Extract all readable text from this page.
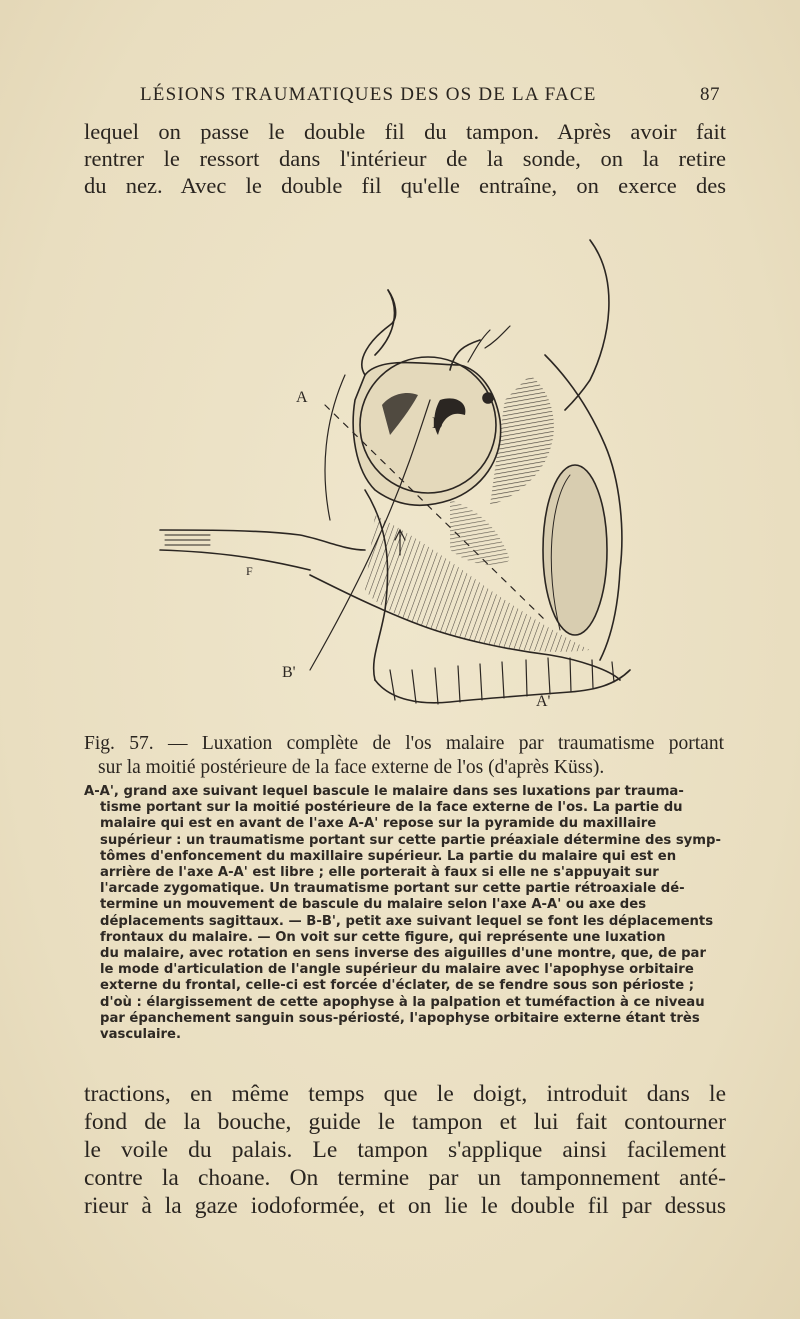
LÉSIONS TRAUMATIQUES DES OS DE LA FACE	87
lequel on passe le double fil du tampon. Après avoir fait
rentrer le ressort dans l'intérieur de la sonde, on la retire
du nez. Avec le double fil qu'elle entraîne, on exerce des
A
A'
B
B'
F
Fig. 57. — Luxation complète de l'os malaire par traumatisme portant
sur la moitié postérieure de la face externe de l'os (d'après Küss).
A-A', grand axe suivant lequel bascule le malaire dans ses luxations par trauma-
tisme portant sur la moitié postérieure de la face externe de l'os. La partie du
malaire qui est en avant de l'axe A-A' repose sur la pyramide du maxillaire
supérieur : un traumatisme portant sur cette partie préaxiale détermine des symp-
tômes d'enfoncement du maxillaire supérieur. La partie du malaire qui est en
arrière de l'axe A-A' est libre ; elle porterait à faux si elle ne s'appuyait sur
l'arcade zygomatique. Un traumatisme portant sur cette partie rétroaxiale dé-
termine un mouvement de bascule du malaire selon l'axe A-A' ou axe des
déplacements sagittaux. — B-B', petit axe suivant lequel se font les déplacements
frontaux du malaire. — On voit sur cette figure, qui représente une luxation
du malaire, avec rotation en sens inverse des aiguilles d'une montre, que, de par
le mode d'articulation de l'angle supérieur du malaire avec l'apophyse orbitaire
externe du frontal, celle-ci est forcée d'éclater, de se fendre sous son périoste ;
d'où : élargissement de cette apophyse à la palpation et tuméfaction à ce niveau
par épanchement sanguin sous-périosté, l'apophyse orbitaire externe étant très
vasculaire.
tractions, en même temps que le doigt, introduit dans le
fond de la bouche, guide le tampon et lui fait contourner
le voile du palais. Le tampon s'applique ainsi facilement
contre la choane. On termine par un tamponnement anté-
rieur à la gaze iodoformée, et on lie le double fil par dessus
